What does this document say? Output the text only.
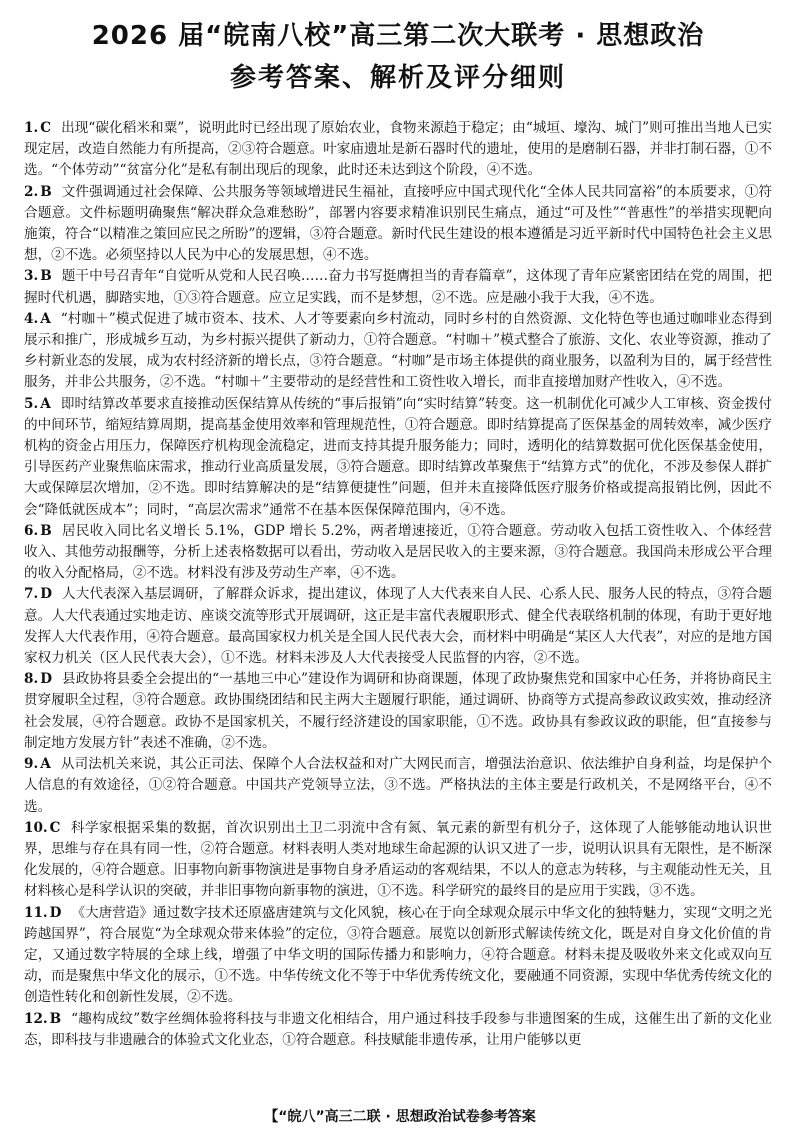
2026 届“皖南八校”高三第二次大联考 · 思想政治
参考答案、解析及评分细则

1. C 出现“碳化稻米和粟”，说明此时已经出现了原始农业，食物来源趋于稳定；由“城垣、壕沟、城门”则可推出当地人已实现定居，改造自然能力有所提高，②③符合题意。叶家庙遗址是新石器时代的遗址，使用的是磨制石器，并非打制石器，①不选。“个体劳动”“贫富分化”是私有制出现后的现象，此时还未达到这个阶段，④不选。

2. B 文件强调通过社会保障、公共服务等领域增进民生福祉，直接呼应中国式现代化“全体人民共同富裕”的本质要求，①符合题意。文件标题明确聚焦“解决群众急难愁盼”，部署内容要求精准识别民生痛点，通过“可及性”“普惠性”的举措实现靶向施策，符合“以精准之策回应民之所盼”的逻辑，③符合题意。新时代民生建设的根本遵循是习近平新时代中国特色社会主义思想，②不选。必须坚持以人民为中心的发展思想，④不选。

3. B 题干中号召青年“自觉听从党和人民召唤……奋力书写挺膺担当的青春篇章”，这体现了青年应紧密团结在党的周围，把握时代机遇，脚踏实地，①③符合题意。应立足实践，而不是梦想，②不选。应是融小我于大我，④不选。

4. A “村咖＋”模式促进了城市资本、技术、人才等要素向乡村流动，同时乡村的自然资源、文化特色等也通过咖啡业态得到展示和推广，形成城乡互动，为乡村振兴提供了新动力，①符合题意。“村咖＋”模式整合了旅游、文化、农业等资源，推动了乡村新业态的发展，成为农村经济新的增长点，③符合题意。“村咖”是市场主体提供的商业服务，以盈利为目的，属于经营性服务，并非公共服务，②不选。“村咖＋”主要带动的是经营性和工资性收入增长，而非直接增加财产性收入，④不选。

5. A 即时结算改革要求直接推动医保结算从传统的“事后报销”向“实时结算”转变。这一机制优化可减少人工审核、资金拨付的中间环节，缩短结算周期，提高基金使用效率和管理规范性，①符合题意。即时结算提高了医保基金的周转效率，减少医疗机构的资金占用压力，保障医疗机构现金流稳定，进而支持其提升服务能力；同时，透明化的结算数据可优化医保基金使用，引导医药产业聚焦临床需求，推动行业高质量发展，③符合题意。即时结算改革聚焦于“结算方式”的优化，不涉及参保人群扩大或保障层次增加，②不选。即时结算解决的是“结算便捷性”问题，但并未直接降低医疗服务价格或提高报销比例，因此不会“降低就医成本”；同时，“高层次需求”通常不在基本医保保障范围内，④不选。

6. B 居民收入同比名义增长 5.1%，GDP 增长 5.2%，两者增速接近，①符合题意。劳动收入包括工资性收入、个体经营收入、其他劳动报酬等，分析上述表格数据可以看出，劳动收入是居民收入的主要来源，③符合题意。我国尚未形成公平合理的收入分配格局，②不选。材料没有涉及劳动生产率，④不选。

7. D 人大代表深入基层调研，了解群众诉求，提出建议，体现了人大代表来自人民、心系人民、服务人民的特点，③符合题意。人大代表通过实地走访、座谈交流等形式开展调研，这正是丰富代表履职形式、健全代表联络机制的体现，有助于更好地发挥人大代表作用，④符合题意。最高国家权力机关是全国人民代表大会，而材料中明确是“某区人大代表”，对应的是地方国家权力机关（区人民代表大会），①不选。材料未涉及人大代表接受人民监督的内容，②不选。

8. D 县政协将县委全会提出的“一基地三中心”建设作为调研和协商课题，体现了政协聚焦党和国家中心任务，并将协商民主贯穿履职全过程，③符合题意。政协围绕团结和民主两大主题履行职能，通过调研、协商等方式提高参政议政实效，推动经济社会发展，④符合题意。政协不是国家机关，不履行经济建设的国家职能，①不选。政协具有参政议政的职能，但“直接参与制定地方发展方针”表述不准确，②不选。

9. A 从司法机关来说，其公正司法、保障个人合法权益和对广大网民而言，增强法治意识、依法维护自身利益，均是保护个人信息的有效途径，①②符合题意。中国共产党领导立法，③不选。严格执法的主体主要是行政机关，不是网络平台，④不选。

10. C 科学家根据采集的数据，首次识别出土卫二羽流中含有氮、氧元素的新型有机分子，这体现了人能够能动地认识世界，思维与存在具有同一性，②符合题意。材料表明人类对地球生命起源的认识又进了一步，说明认识具有无限性，是不断深化发展的，④符合题意。旧事物向新事物演进是事物自身矛盾运动的客观结果，不以人的意志为转移，与主观能动性无关，且材料核心是科学认识的突破，并非旧事物向新事物的演进，①不选。科学研究的最终目的是应用于实践，③不选。

11. D 《大唐营造》通过数字技术还原盛唐建筑与文化风貌，核心在于向全球观众展示中华文化的独特魅力，实现“文明之光跨越国界”，符合展览“为全球观众带来体验”的定位，③符合题意。展览以创新形式解读传统文化，既是对自身文化价值的肯定，又通过数字特展的全球上线，增强了中华文明的国际传播力和影响力，④符合题意。材料未提及吸收外来文化或双向互动，而是聚焦中华文化的展示，①不选。中华传统文化不等于中华优秀传统文化，要融通不同资源，实现中华优秀传统文化的创造性转化和创新性发展，②不选。

12. B “趣构成纹”数字丝绸体验将科技与非遗文化相结合，用户通过科技手段参与非遗图案的生成，这催生出了新的文化业态，即科技与非遗融合的体验式文化业态，①符合题意。科技赋能非遗传承，让用户能够以更

【“皖八”高三二联 · 思想政治试卷参考答案
